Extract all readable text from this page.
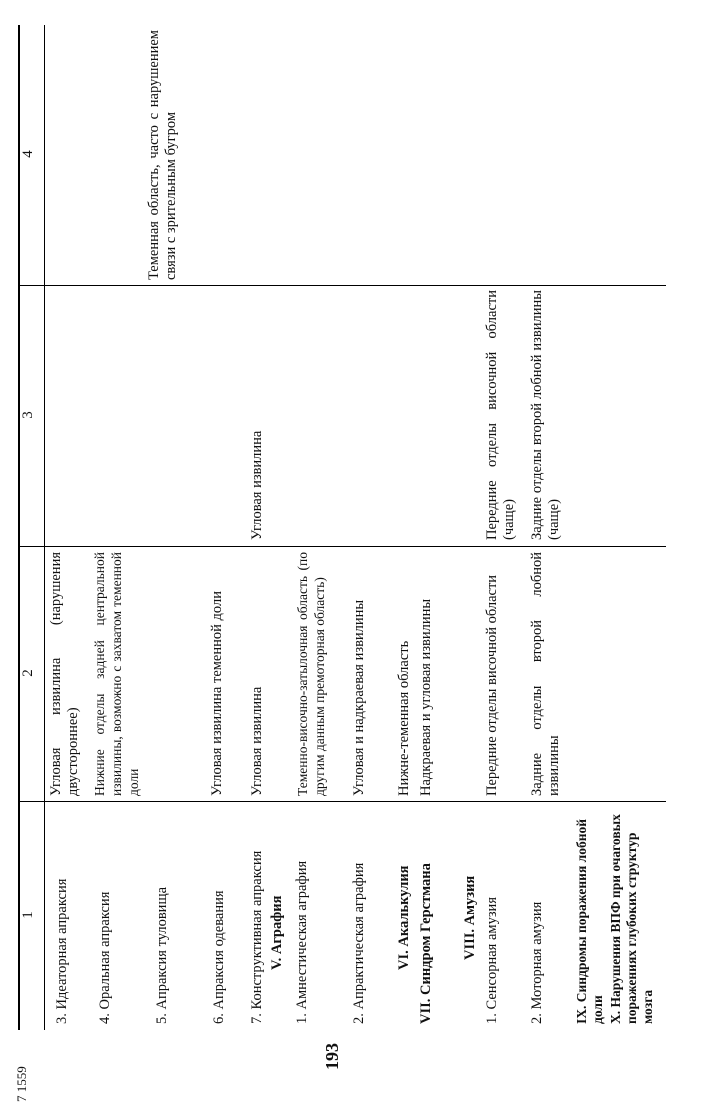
1
2
3
4
3. Идеаторная апраксия
Угловая извилина (нарушения двустороннее)
4. Оральная апраксия
Нижние отделы задней центральной извилины, возможно с захватом теменной доли
5. Апраксия туловища
Теменная область, часто с нарушением связи с зрительным бугром
6. Апраксия одевания
Угловая извилина теменной доли
7. Конструктивная апраксия
Угловая извилина
Угловая извилина
V. Аграфия 1. Амнестическая аграфия
Теменно-височно-затылочная область (по другим данным премоторная область)
2. Апрактическая аграфия
Угловая и надкраевая извилины
VI. Акалькулия
Нижне-теменная область
VII. Синдром Герстмана
Надкраевая и угловая извилины
VIII. Амузия 1. Сенсорная амузия
Передние отделы височной области
Передние отделы височной области (чаще)
2. Моторная амузия
Задние отделы второй лобной извилины
Задние отделы второй лобной извилины (чаще)
IX. Синдромы поражения лобной доли X. Нарушения ВПФ при очаговых поражениях глубоких структур мозга
7 1559
193
